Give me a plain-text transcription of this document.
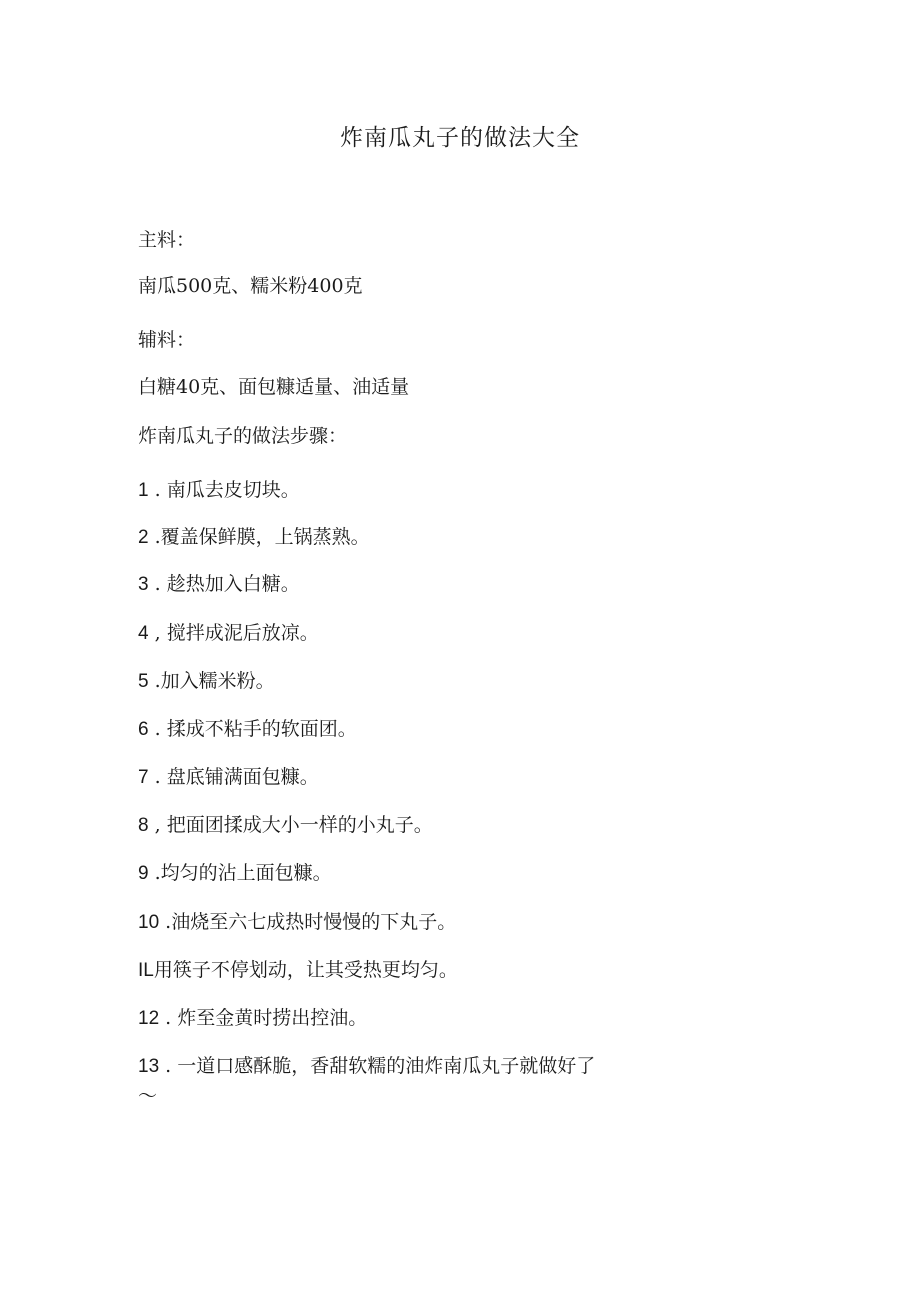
炸南瓜丸子的做法大全
主料：
南瓜500克、糯米粉400克
辅料：
白糖40克、面包糠适量、油适量
炸南瓜丸子的做法步骤：
1 . 南瓜去皮切块。
2 .覆盖保鲜膜，上锅蒸熟。
3 . 趁热加入白糖。
4 , 搅拌成泥后放凉。
5 .加入糯米粉。
6 . 揉成不粘手的软面团。
7 . 盘底铺满面包糠。
8 , 把面团揉成大小一样的小丸子。
9 .均匀的沾上面包糠。
10 .油烧至六七成热时慢慢的下丸子。
IL用筷子不停划动，让其受热更均匀。
12 . 炸至金黄时捞出控油。
13 . 一道口感酥脆，香甜软糯的油炸南瓜丸子就做好了
～
